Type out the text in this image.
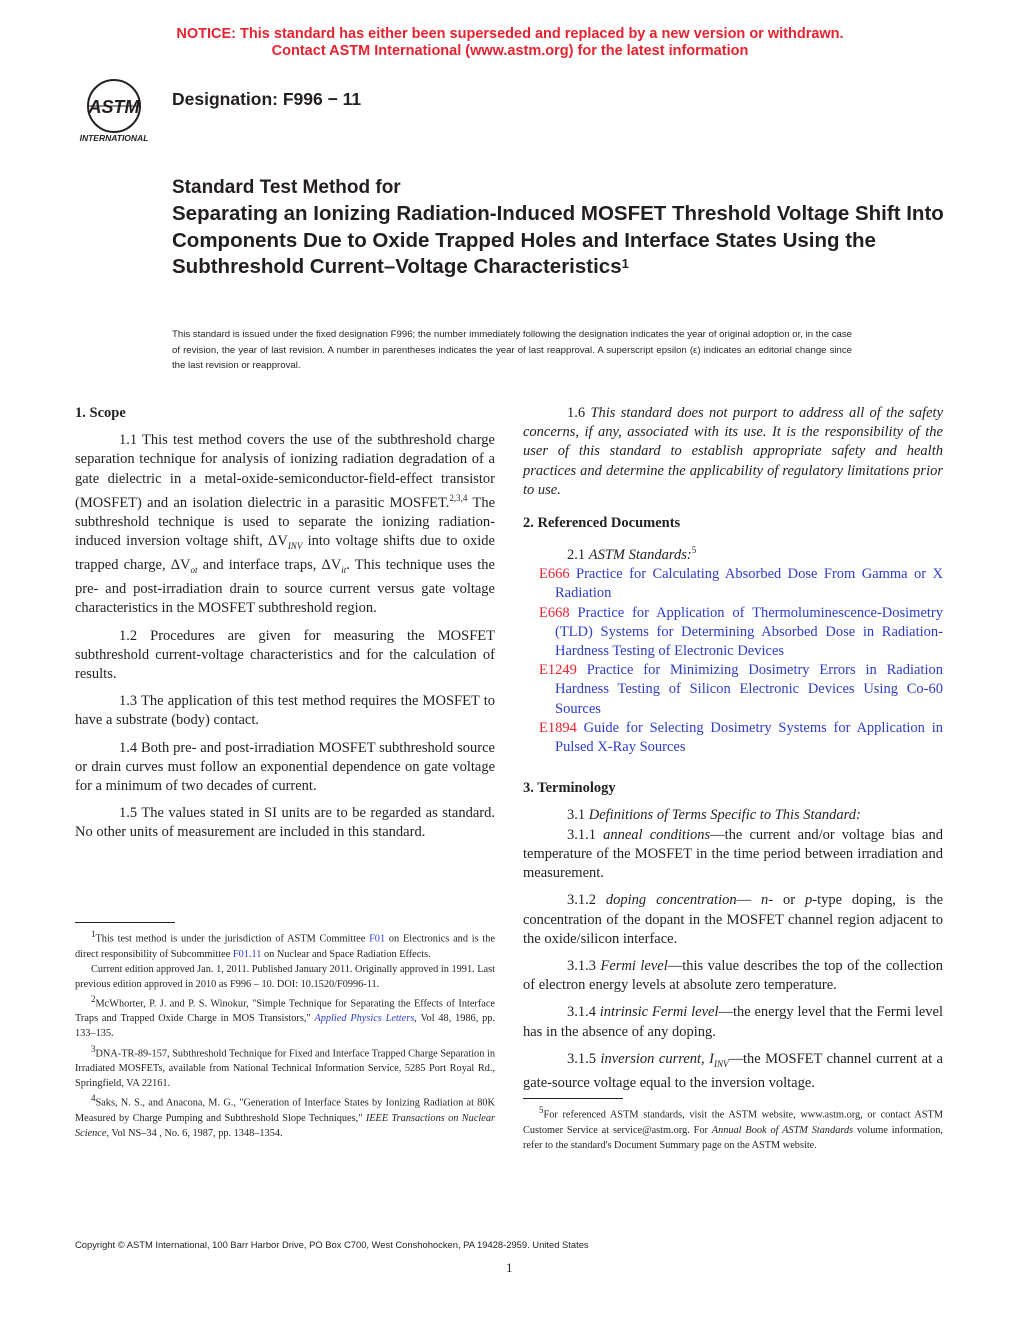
NOTICE: This standard has either been superseded and replaced by a new version or withdrawn.
Contact ASTM International (www.astm.org) for the latest information
ASTM
INTERNATIONAL
Designation: F996 − 11
Standard Test Method for
Separating an Ionizing Radiation-Induced MOSFET Threshold Voltage Shift Into Components Due to Oxide Trapped Holes and Interface States Using the Subthreshold Current–Voltage Characteristics$^1$
This standard is issued under the fixed designation F996; the number immediately following the designation indicates the year of original adoption or, in the case of revision, the year of last revision. A number in parentheses indicates the year of last reapproval. A superscript epsilon (ε) indicates an editorial change since the last revision or reapproval.
1. Scope

1.1 This test method covers the use of the subthreshold charge separation technique for analysis of ionizing radiation degradation of a gate dielectric in a metal-oxide-semiconductor-field-effect transistor (MOSFET) and an isolation dielectric in a parasitic MOSFET.$^{2,3,4}$ The subthreshold technique is used to separate the ionizing radiation-induced inversion voltage shift, $\Delta V_{INV}$ into voltage shifts due to oxide trapped charge, $\Delta V_{ot}$ and interface traps, $\Delta V_{it}$. This technique uses the pre- and post-irradiation drain to source current versus gate voltage characteristics in the MOSFET subthreshold region.

1.2 Procedures are given for measuring the MOSFET subthreshold current-voltage characteristics and for the calculation of results.

1.3 The application of this test method requires the MOSFET to have a substrate (body) contact.

1.4 Both pre- and post-irradiation MOSFET subthreshold source or drain curves must follow an exponential dependence on gate voltage for a minimum of two decades of current.

1.5 The values stated in SI units are to be regarded as standard. No other units of measurement are included in this standard.

$^1$This test method is under the jurisdiction of ASTM Committee F01 on Electronics and is the direct responsibility of Subcommittee F01.11 on Nuclear and Space Radiation Effects.

Current edition approved Jan. 1, 2011. Published January 2011. Originally approved in 1991. Last previous edition approved in 2010 as F996 – 10. DOI: 10.1520/F0996-11.

$^2$McWhorter, P. J. and P. S. Winokur, "Simple Technique for Separating the Effects of Interface Traps and Trapped Oxide Charge in MOS Transistors," Applied Physics Letters, Vol 48, 1986, pp. 133–135.

$^3$DNA-TR-89-157, Subthreshold Technique for Fixed and Interface Trapped Charge Separation in Irradiated MOSFETs, available from National Technical Information Service, 5285 Port Royal Rd., Springfield, VA 22161.

$^4$Saks, N. S., and Anacona, M. G., "Generation of Interface States by Ionizing Radiation at 80K Measured by Charge Pumping and Subthreshold Slope Techniques," IEEE Transactions on Nuclear Science, Vol NS–34 , No. 6, 1987, pp. 1348–1354.

1.6 This standard does not purport to address all of the safety concerns, if any, associated with its use. It is the responsibility of the user of this standard to establish appropriate safety and health practices and determine the applicability of regulatory limitations prior to use.

2. Referenced Documents

2.1 ASTM Standards:$^5$

E666 Practice for Calculating Absorbed Dose From Gamma or X Radiation
E668 Practice for Application of Thermoluminescence-Dosimetry (TLD) Systems for Determining Absorbed Dose in Radiation-Hardness Testing of Electronic Devices
E1249 Practice for Minimizing Dosimetry Errors in Radiation Hardness Testing of Silicon Electronic Devices Using Co-60 Sources
E1894 Guide for Selecting Dosimetry Systems for Application in Pulsed X-Ray Sources
3. Terminology

3.1 Definitions of Terms Specific to This Standard:

3.1.1 anneal conditions—the current and/or voltage bias and temperature of the MOSFET in the time period between irradiation and measurement.

3.1.2 doping concentration— n- or p-type doping, is the concentration of the dopant in the MOSFET channel region adjacent to the oxide/silicon interface.

3.1.3 Fermi level—this value describes the top of the collection of electron energy levels at absolute zero temperature.

3.1.4 intrinsic Fermi level—the energy level that the Fermi level has in the absence of any doping.

3.1.5 inversion current, $I_{INV}—the$ MOSFET channel current at a gate-source voltage equal to the inversion voltage.

$^5$For referenced ASTM standards, visit the ASTM website, www.astm.org, or contact ASTM Customer Service at service@astm.org. For Annual Book of ASTM Standards volume information, refer to the standard's Document Summary page on the ASTM website.

Copyright © ASTM International, 100 Barr Harbor Drive, PO Box C700, West Conshohocken, PA 19428-2959. United States
1
